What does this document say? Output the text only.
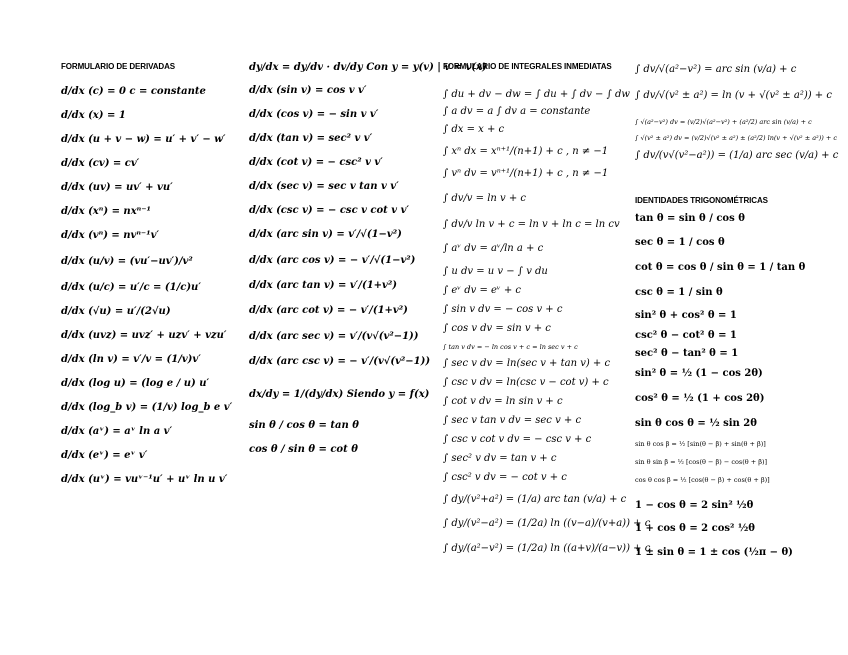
FORMULARIO DE DERIVADAS
d/dx (c) = 0 c = constante
d/dx (x) = 1
d/dx (u + v − w) = u′ + v′ − w′
d/dx (cv) = cv′
d/dx (uv) = uv′ + vu′
d/dx (xⁿ) = nxⁿ⁻¹
d/dx (vⁿ) = nvⁿ⁻¹v′
d/dx (u/v) = (vu′−uv′)/v²
d/dx (u/c) = u′/c = (1/c)u′
d/dx (√u) = u′/(2√u)
d/dx (uvz) = uvz′ + uzv′ + vzu′
d/dx (ln v) = v′/v = (1/v)v′
d/dx (log u) = (log e / u) u′
d/dx (log_b v) = (1/v) log_b e v′
d/dx (aᵛ) = aᵛ ln a v′
d/dx (eᵛ) = eᵛ v′
d/dx (uᵛ) = vuᵛ⁻¹u′ + uᵛ ln u v′
dy/dx = dy/dv · dv/dy Con y = y(v) | v = v(x)
d/dx (sin v) = cos v v′
d/dx (cos v) = − sin v v′
d/dx (tan v) = sec² v v′
d/dx (cot v) = − csc² v v′
d/dx (sec v) = sec v tan v v′
d/dx (csc v) = − csc v cot v v′
d/dx (arc sin v) = v′/√(1−v²)
d/dx (arc cos v) = − v′/√(1−v²)
d/dx (arc tan v) = v′/(1+v²)
d/dx (arc cot v) = − v′/(1+v²)
d/dx (arc sec v) = v′/(v√(v²−1))
d/dx (arc csc v) = − v′/(v√(v²−1))
dx/dy = 1/(dy/dx) Siendo y = f(x)
sin θ / cos θ = tan θ
cos θ / sin θ = cot θ
FORMULARIO DE INTEGRALES INMEDIATAS
∫ du + dv − dw = ∫ du + ∫ dv − ∫ dw
∫ a dv = a ∫ dv a = constante
∫ dx = x + c
∫ xⁿ dx = xⁿ⁺¹/(n+1) + c , n ≠ −1
∫ vⁿ dv = vⁿ⁺¹/(n+1) + c , n ≠ −1
∫ dv/v = ln v + c
∫ dv/v ln v + c = ln v + ln c = ln cv
∫ aᵛ dv = aᵛ/ln a + c
∫ u dv = u v − ∫ v du
∫ eᵛ dv = eᵛ + c
∫ sin v dv = − cos v + c
∫ cos v dv = sin v + c
∫ tan v dv = − ln cos v + c = ln sec v + c
∫ sec v dv = ln(sec v + tan v) + c
∫ csc v dv = ln(csc v − cot v) + c
∫ cot v dv = ln sin v + c
∫ sec v tan v dv = sec v + c
∫ csc v cot v dv = − csc v + c
∫ sec² v dv = tan v + c
∫ csc² v dv = − cot v + c
∫ dy/(v²+a²) = (1/a) arc tan (v/a) + c
∫ dy/(v²−a²) = (1/2a) ln ((v−a)/(v+a)) + c
∫ dy/(a²−v²) = (1/2a) ln ((a+v)/(a−v)) + c
∫ dv/√(a²−v²) = arc sin (v/a) + c
∫ dv/√(v² ± a²) = ln (v + √(v² ± a²)) + c
∫ √(a²−v²) dv = (v/2)√(a²−v²) + (a²/2) arc sin (v/a) + c
∫ √(v² ± a²) dv = (v/2)√(v² ± a²) ± (a²/2) ln(v + √(v² ± a²)) + c
∫ dv/(v√(v²−a²)) = (1/a) arc sec (v/a) + c
IDENTIDADES TRIGONOMÉTRICAS
tan θ = sin θ / cos θ
sec θ = 1 / cos θ
cot θ = cos θ / sin θ = 1 / tan θ
csc θ = 1 / sin θ
sin² θ + cos² θ = 1
csc² θ − cot² θ = 1
sec² θ − tan² θ = 1
sin² θ = ½ (1 − cos 2θ)
cos² θ = ½ (1 + cos 2θ)
sin θ cos θ = ½ sin 2θ
sin θ cos β = ½ [sin(θ − β) + sin(θ + β)]
sin θ sin β = ½ [cos(θ − β) − cos(θ + β)]
cos θ cos β = ½ [cos(θ − β) + cos(θ + β)]
1 − cos θ = 2 sin² ½θ
1 + cos θ = 2 cos² ½θ
1 ± sin θ = 1 ± cos (½π − θ)
